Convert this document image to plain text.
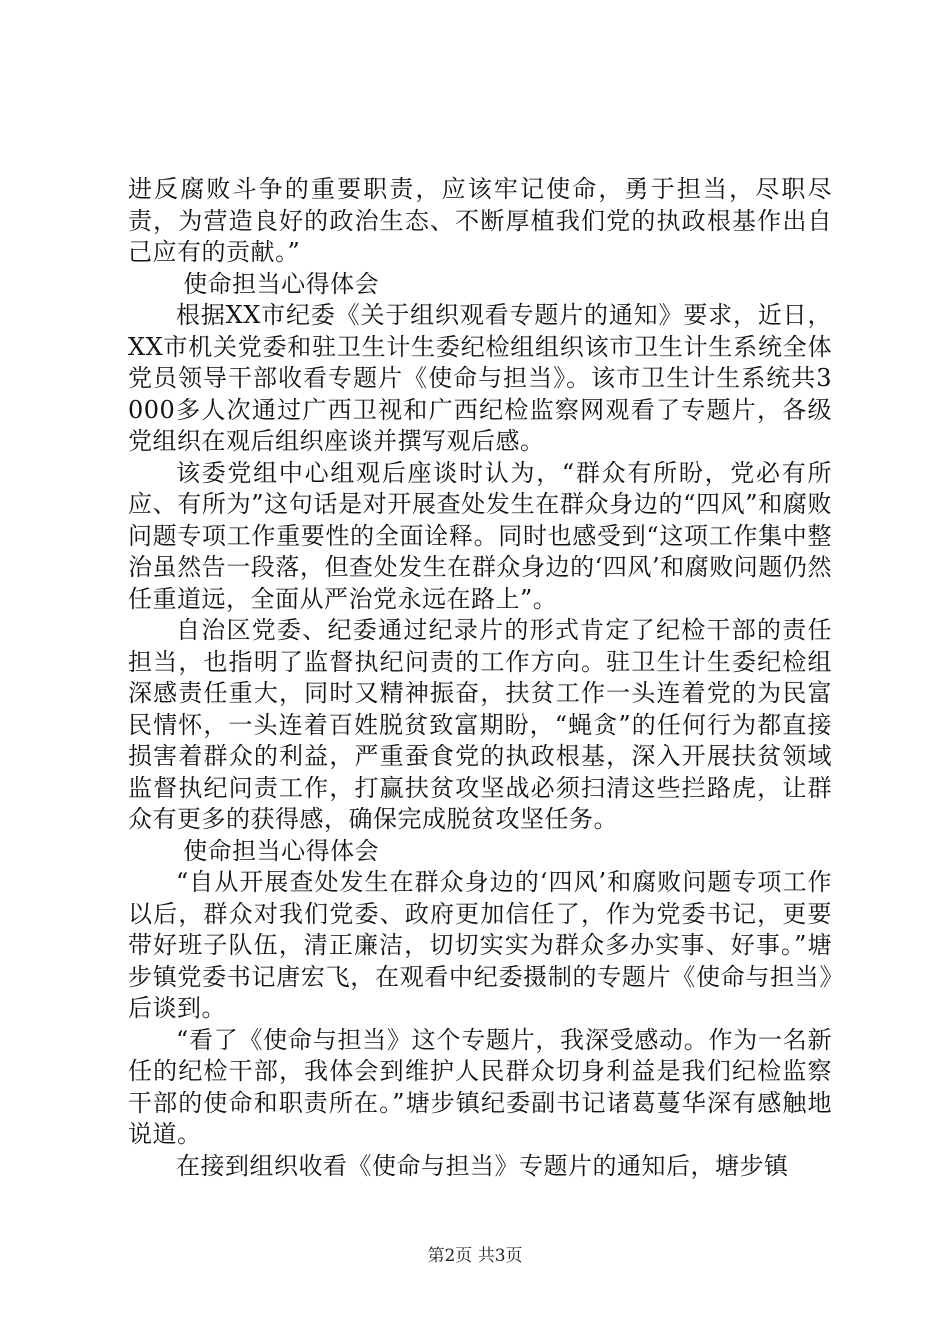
进反腐败斗争的重要职责，应该牢记使命，勇于担当，尽职尽责，为营造良好的政治生态、不断厚植我们党的执政根基作出自己应有的贡献。”

使命担当心得体会

根据XX市纪委《关于组织观看专题片的通知》要求，近日，XX市机关党委和驻卫生计生委纪检组组织该市卫生计生系统全体党员领导干部收看专题片《使命与担当》。该市卫生计生系统共3000多人次通过广西卫视和广西纪检监察网观看了专题片，各级党组织在观后组织座谈并撰写观后感。

该委党组中心组观后座谈时认为，“群众有所盼，党必有所应、有所为”这句话是对开展查处发生在群众身边的“四风”和腐败问题专项工作重要性的全面诠释。同时也感受到“这项工作集中整治虽然告一段落，但查处发生在群众身边的‘四风’和腐败问题仍然任重道远，全面从严治党永远在路上”。

自治区党委、纪委通过纪录片的形式肯定了纪检干部的责任担当，也指明了监督执纪问责的工作方向。驻卫生计生委纪检组深感责任重大，同时又精神振奋，扶贫工作一头连着党的为民富民情怀，一头连着百姓脱贫致富期盼，“蝇贪”的任何行为都直接损害着群众的利益，严重蚕食党的执政根基，深入开展扶贫领域监督执纪问责工作，打赢扶贫攻坚战必须扫清这些拦路虎，让群众有更多的获得感，确保完成脱贫攻坚任务。

使命担当心得体会

“自从开展查处发生在群众身边的‘四风’和腐败问题专项工作以后，群众对我们党委、政府更加信任了，作为党委书记，更要带好班子队伍，清正廉洁，切切实实为群众多办实事、好事。”塘步镇党委书记唐宏飞，在观看中纪委摄制的专题片《使命与担当》后谈到。

“看了《使命与担当》这个专题片，我深受感动。作为一名新任的纪检干部，我体会到维护人民群众切身利益是我们纪检监察干部的使命和职责所在。”塘步镇纪委副书记诸葛蔓华深有感触地说道。

在接到组织收看《使命与担当》专题片的通知后，塘步镇

第2页 共3页
